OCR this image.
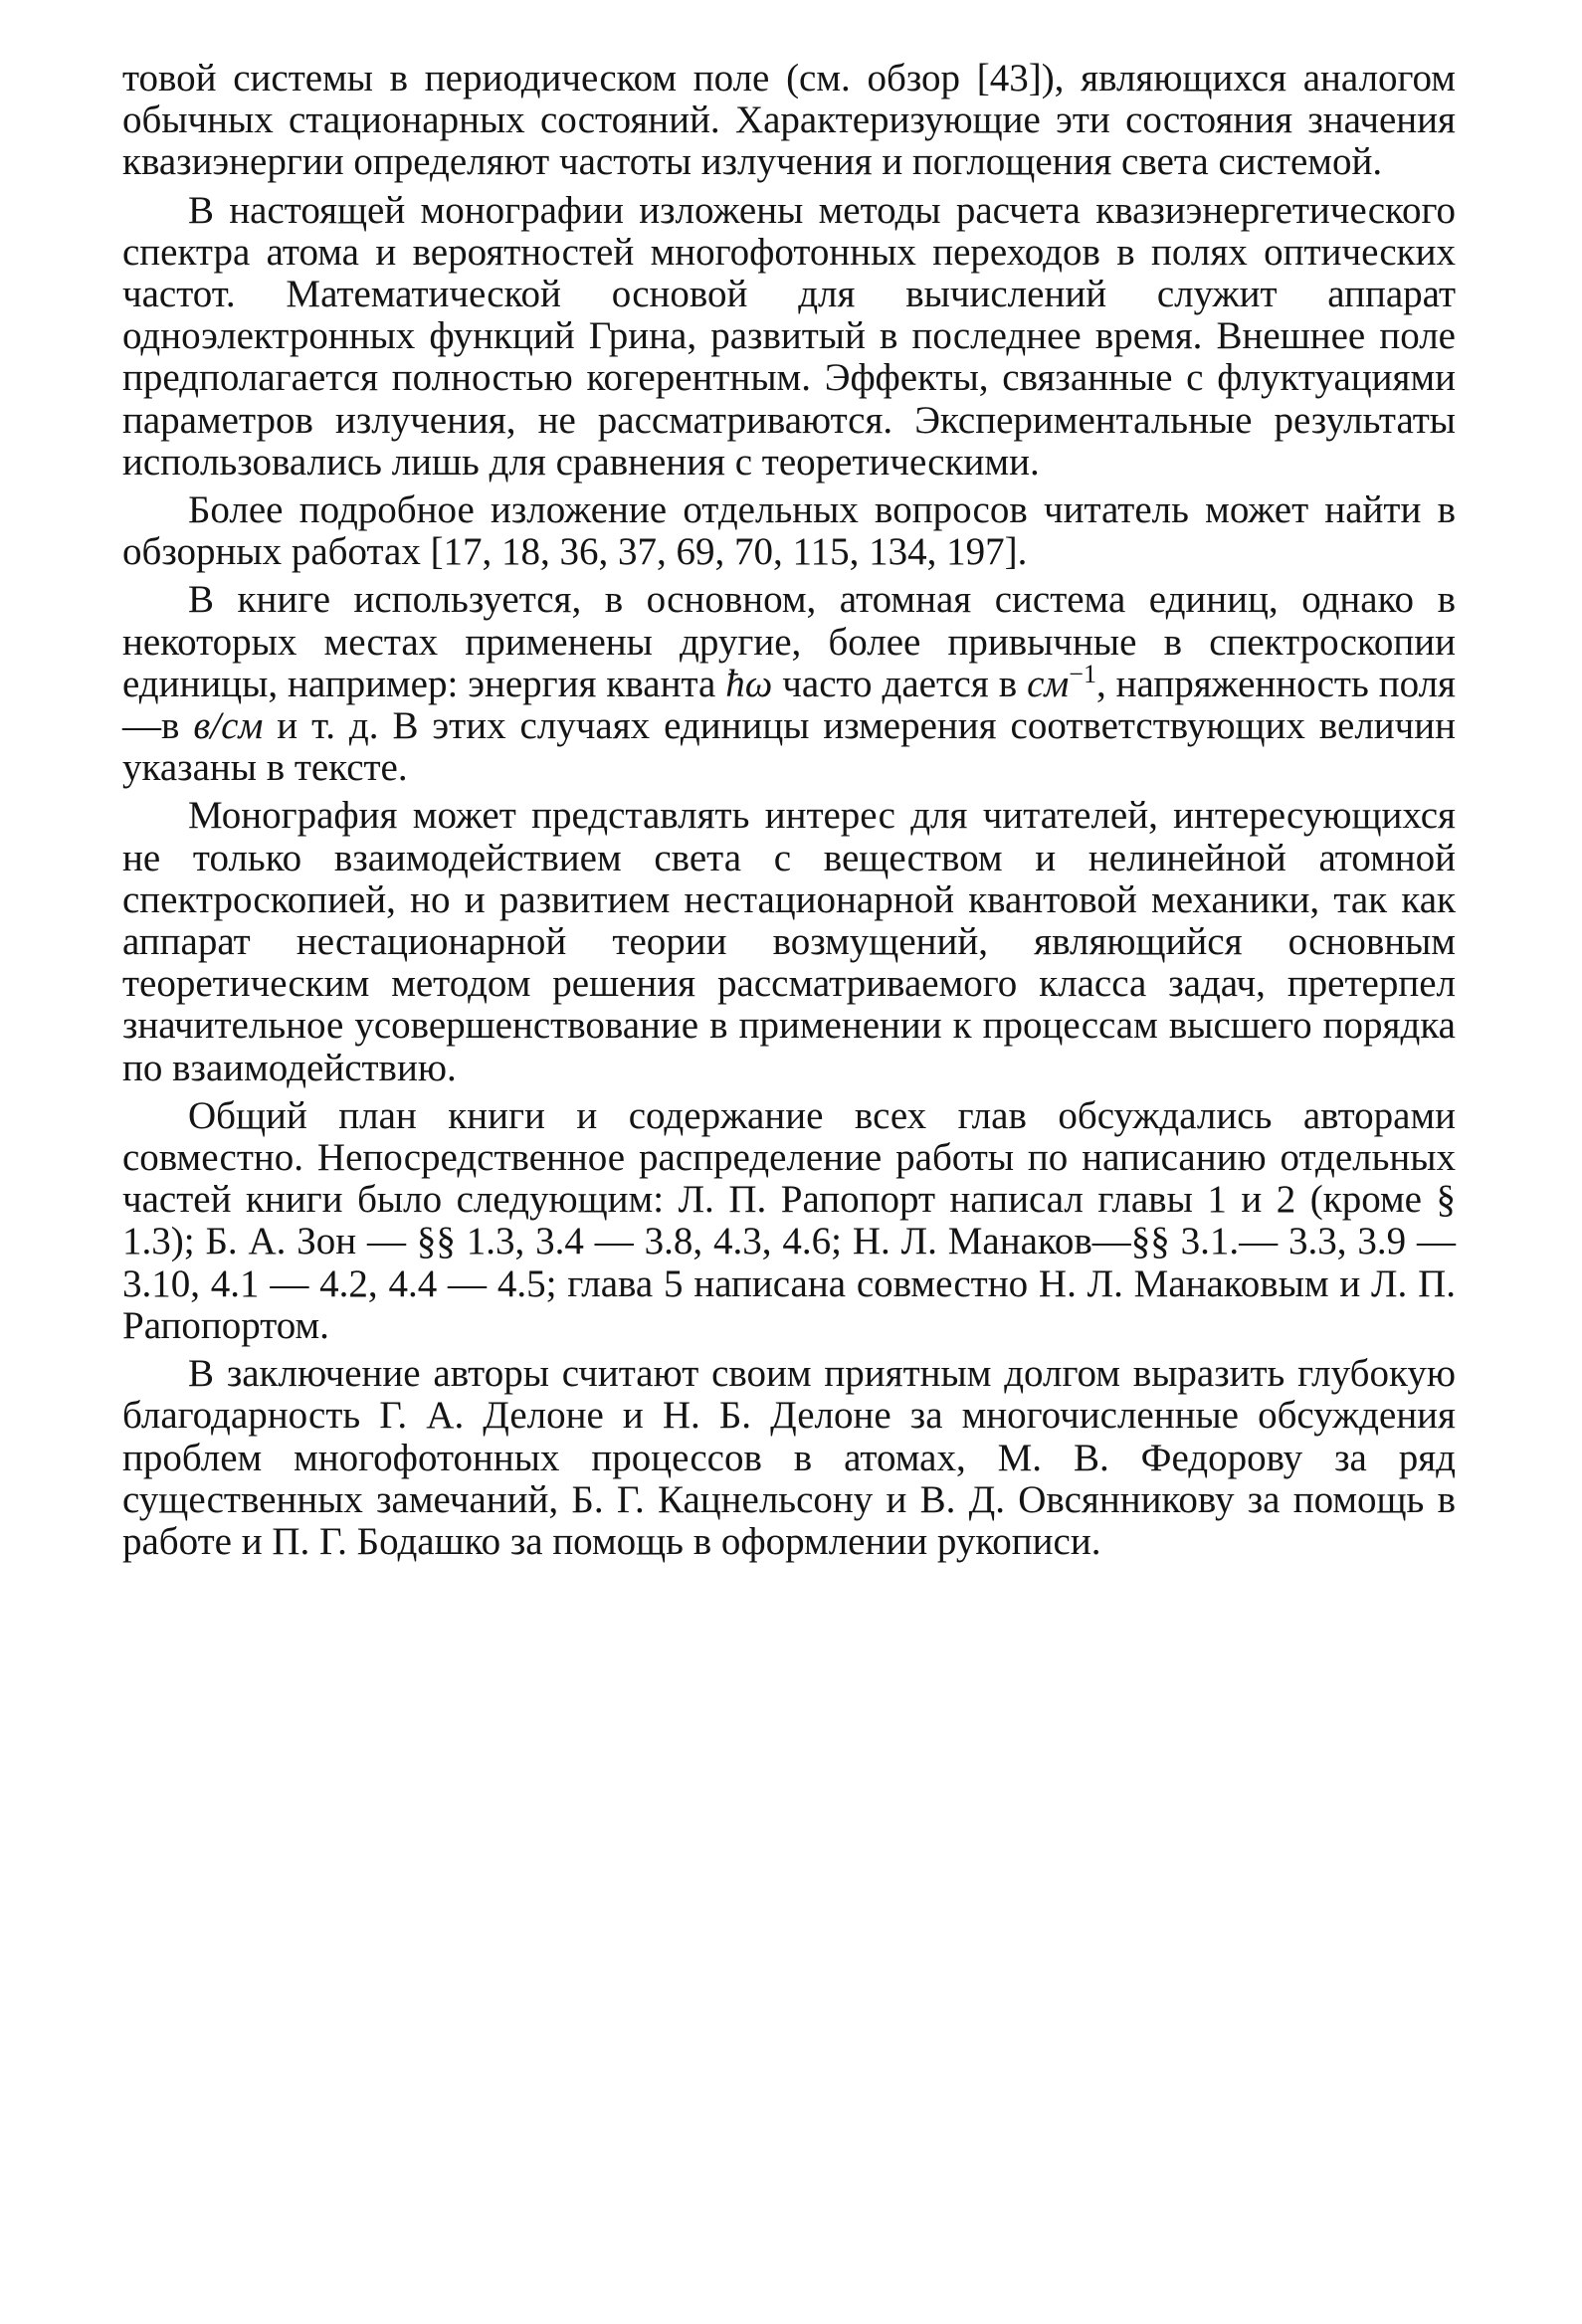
товой системы в периодическом поле (см. обзор [43]), являющихся аналогом обычных стационарных состояний. Характеризующие эти состояния значения квазиэнергии определяют частоты излучения и поглощения света системой.

В настоящей монографии изложены методы расчета квазиэнергетического спектра атома и вероятностей многофотонных переходов в полях оптических частот. Математической основой для вычислений служит аппарат одноэлектронных функций Грина, развитый в последнее время. Внешнее поле предполагается полностью когерентным. Эффекты, связанные с флуктуациями параметров излучения, не рассматриваются. Экспериментальные результаты использовались лишь для сравнения с теоретическими.

Более подробное изложение отдельных вопросов читатель может найти в обзорных работах [17, 18, 36, 37, 69, 70, 115, 134, 197].

В книге используется, в основном, атомная система единиц, однако в некоторых местах применены другие, более привычные в спектроскопии единицы, например: энергия кванта ħω часто дается в $см^{-1}$, напряженность поля—в в/см и т. д. В этих случаях единицы измерения соответствующих величин указаны в тексте.

Монография может представлять интерес для читателей, интересующихся не только взаимодействием света с веществом и нелинейной атомной спектроскопией, но и развитием нестационарной квантовой механики, так как аппарат нестационарной теории возмущений, являющийся основным теоретическим методом решения рассматриваемого класса задач, претерпел значительное усовершенствование в применении к процессам высшего порядка по взаимодействию.

Общий план книги и содержание всех глав обсуждались авторами совместно. Непосредственное распределение работы по написанию отдельных частей книги было следующим: Л. П. Рапопорт написал главы 1 и 2 (кроме § 1.3); Б. А. Зон — §§ 1.3, 3.4 — 3.8, 4.3, 4.6; Н. Л. Манаков—§§ 3.1.— 3.3, 3.9 — 3.10, 4.1 — 4.2, 4.4 — 4.5; глава 5 написана совместно Н. Л. Манаковым и Л. П. Рапопортом.

В заключение авторы считают своим приятным долгом выразить глубокую благодарность Г. А. Делоне и Н. Б. Делоне за многочисленные обсуждения проблем многофотонных процессов в атомах, М. В. Федорову за ряд существенных замечаний, Б. Г. Кацнельсону и В. Д. Овсянникову за помощь в работе и П. Г. Бодашко за помощь в оформлении рукописи.
